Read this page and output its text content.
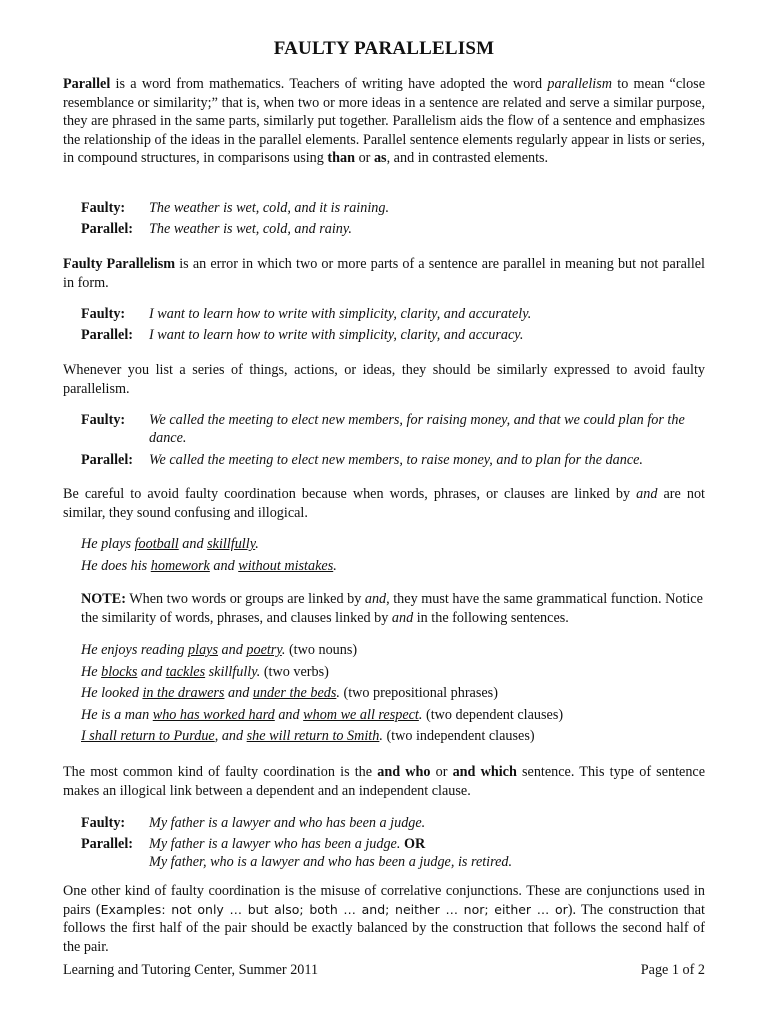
FAULTY PARALLELISM
Parallel is a word from mathematics. Teachers of writing have adopted the word parallelism to mean “close resemblance or similarity;” that is, when two or more ideas in a sentence are related and serve a similar purpose, they are phrased in the same parts, similarly put together. Parallelism aids the flow of a sentence and emphasizes the relationship of the ideas in the parallel elements. Parallel sentence elements regularly appear in lists or series, in compound structures, in comparisons using than or as, and in contrasted elements.
Faulty: The weather is wet, cold, and it is raining.
Parallel: The weather is wet, cold, and rainy.
Faulty Parallelism is an error in which two or more parts of a sentence are parallel in meaning but not parallel in form.
Faulty: I want to learn how to write with simplicity, clarity, and accurately.
Parallel: I want to learn how to write with simplicity, clarity, and accuracy.
Whenever you list a series of things, actions, or ideas, they should be similarly expressed to avoid faulty parallelism.
Faulty: We called the meeting to elect new members, for raising money, and that we could plan for the dance.
Parallel: We called the meeting to elect new members, to raise money, and to plan for the dance.
Be careful to avoid faulty coordination because when words, phrases, or clauses are linked by and are not similar, they sound confusing and illogical.
He plays football and skillfully.
He does his homework and without mistakes.
NOTE: When two words or groups are linked by and, they must have the same grammatical function. Notice the similarity of words, phrases, and clauses linked by and in the following sentences.
He enjoys reading plays and poetry. (two nouns)
He blocks and tackles skillfully. (two verbs)
He looked in the drawers and under the beds. (two prepositional phrases)
He is a man who has worked hard and whom we all respect. (two dependent clauses)
I shall return to Purdue, and she will return to Smith. (two independent clauses)
The most common kind of faulty coordination is the and who or and which sentence. This type of sentence makes an illogical link between a dependent and an independent clause.
Faulty: My father is a lawyer and who has been a judge.
Parallel: My father is a lawyer who has been a judge. OR
My father, who is a lawyer and who has been a judge, is retired.
One other kind of faulty coordination is the misuse of correlative conjunctions. These are conjunctions used in pairs (Examples: not only … but also; both … and; neither … nor; either … or). The construction that follows the first half of the pair should be exactly balanced by the construction that follows the second half of the pair.
Learning and Tutoring Center, Summer 2011	Page 1 of 2
